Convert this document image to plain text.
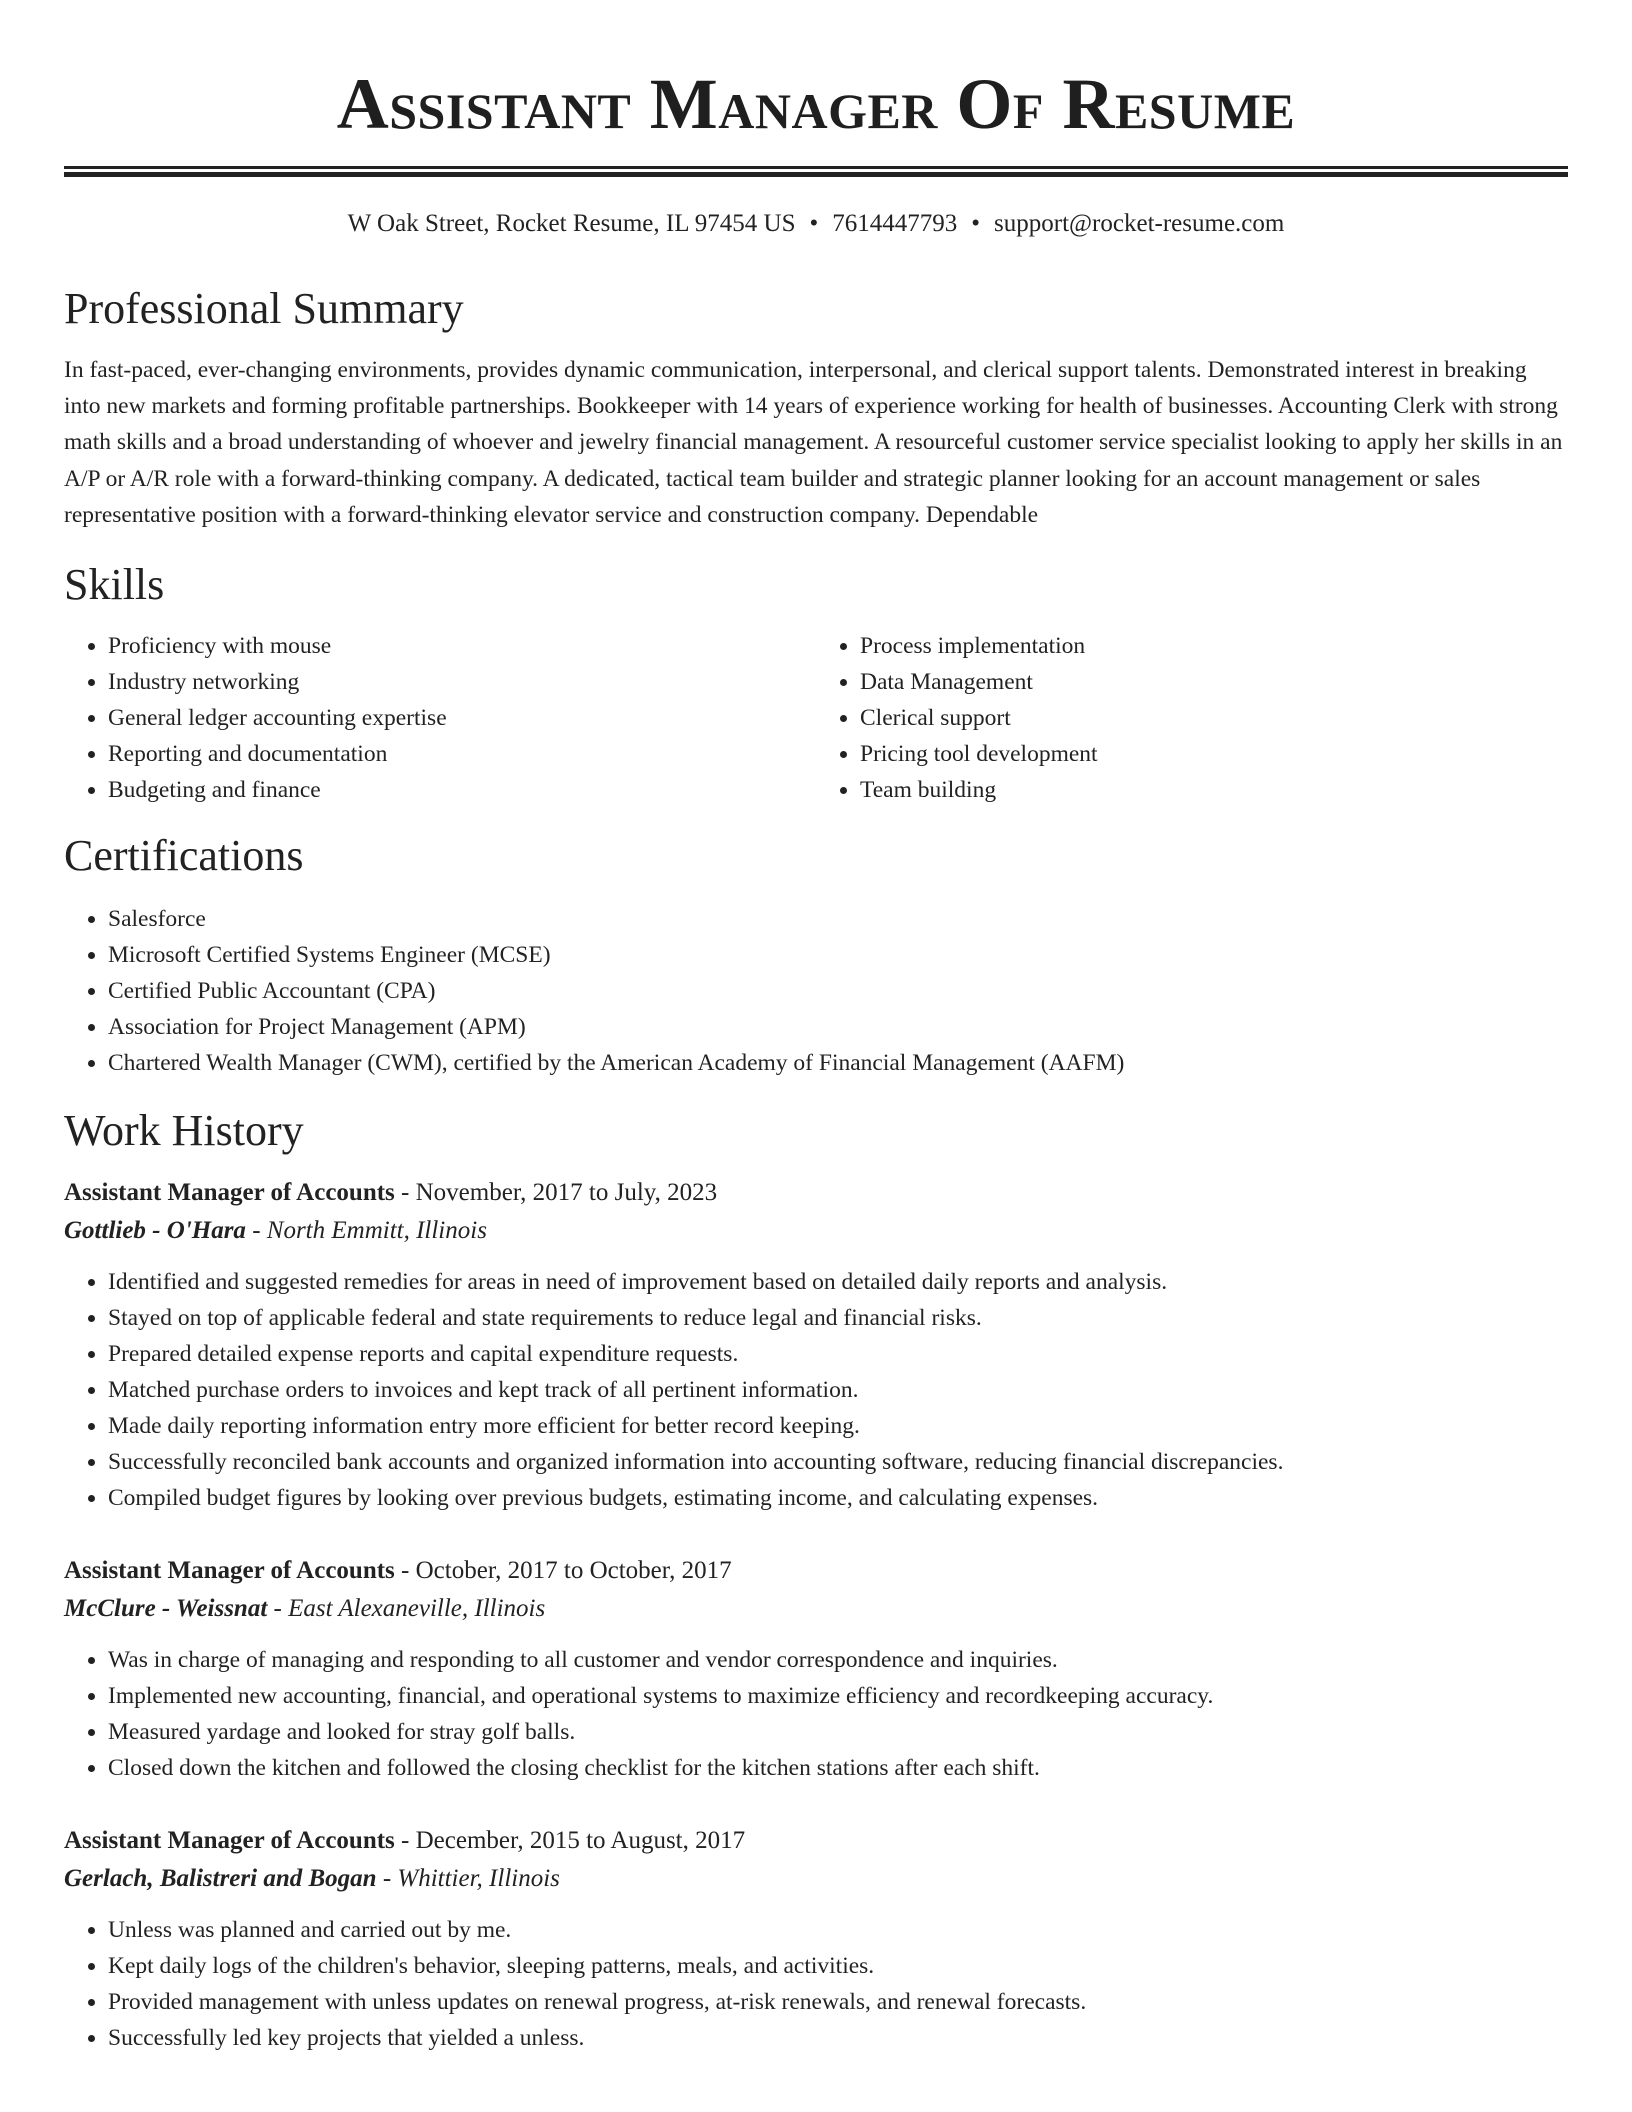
Assistant Manager Of Resume
W Oak Street, Rocket Resume, IL 97454 US • 7614447793 • support@rocket-resume.com
Professional Summary

In fast-paced, ever-changing environments, provides dynamic communication, interpersonal, and clerical support talents. Demonstrated interest in breaking into new markets and forming profitable partnerships. Bookkeeper with 14 years of experience working for health of businesses. Accounting Clerk with strong math skills and a broad understanding of whoever and jewelry financial management. A resourceful customer service specialist looking to apply her skills in an A/P or A/R role with a forward-thinking company. A dedicated, tactical team builder and strategic planner looking for an account management or sales representative position with a forward-thinking elevator service and construction company. Dependable

Skills
• Proficiency with mouse
• Industry networking
• General ledger accounting expertise
• Reporting and documentation
• Budgeting and finance
• Process implementation
• Data Management
• Clerical support
• Pricing tool development
• Team building
Certifications
• Salesforce
• Microsoft Certified Systems Engineer (MCSE)
• Certified Public Accountant (CPA)
• Association for Project Management (APM)
• Chartered Wealth Manager (CWM), certified by the American Academy of Financial Management (AAFM)
Work History
Assistant Manager of Accounts - November, 2017 to July, 2023
Gottlieb - O'Hara - North Emmitt, Illinois
• Identified and suggested remedies for areas in need of improvement based on detailed daily reports and analysis.
• Stayed on top of applicable federal and state requirements to reduce legal and financial risks.
• Prepared detailed expense reports and capital expenditure requests.
• Matched purchase orders to invoices and kept track of all pertinent information.
• Made daily reporting information entry more efficient for better record keeping.
• Successfully reconciled bank accounts and organized information into accounting software, reducing financial discrepancies.
• Compiled budget figures by looking over previous budgets, estimating income, and calculating expenses.
Assistant Manager of Accounts - October, 2017 to October, 2017
McClure - Weissnat - East Alexaneville, Illinois
• Was in charge of managing and responding to all customer and vendor correspondence and inquiries.
• Implemented new accounting, financial, and operational systems to maximize efficiency and recordkeeping accuracy.
• Measured yardage and looked for stray golf balls.
• Closed down the kitchen and followed the closing checklist for the kitchen stations after each shift.
Assistant Manager of Accounts - December, 2015 to August, 2017
Gerlach, Balistreri and Bogan - Whittier, Illinois
• Unless was planned and carried out by me.
• Kept daily logs of the children's behavior, sleeping patterns, meals, and activities.
• Provided management with unless updates on renewal progress, at-risk renewals, and renewal forecasts.
• Successfully led key projects that yielded a unless.
